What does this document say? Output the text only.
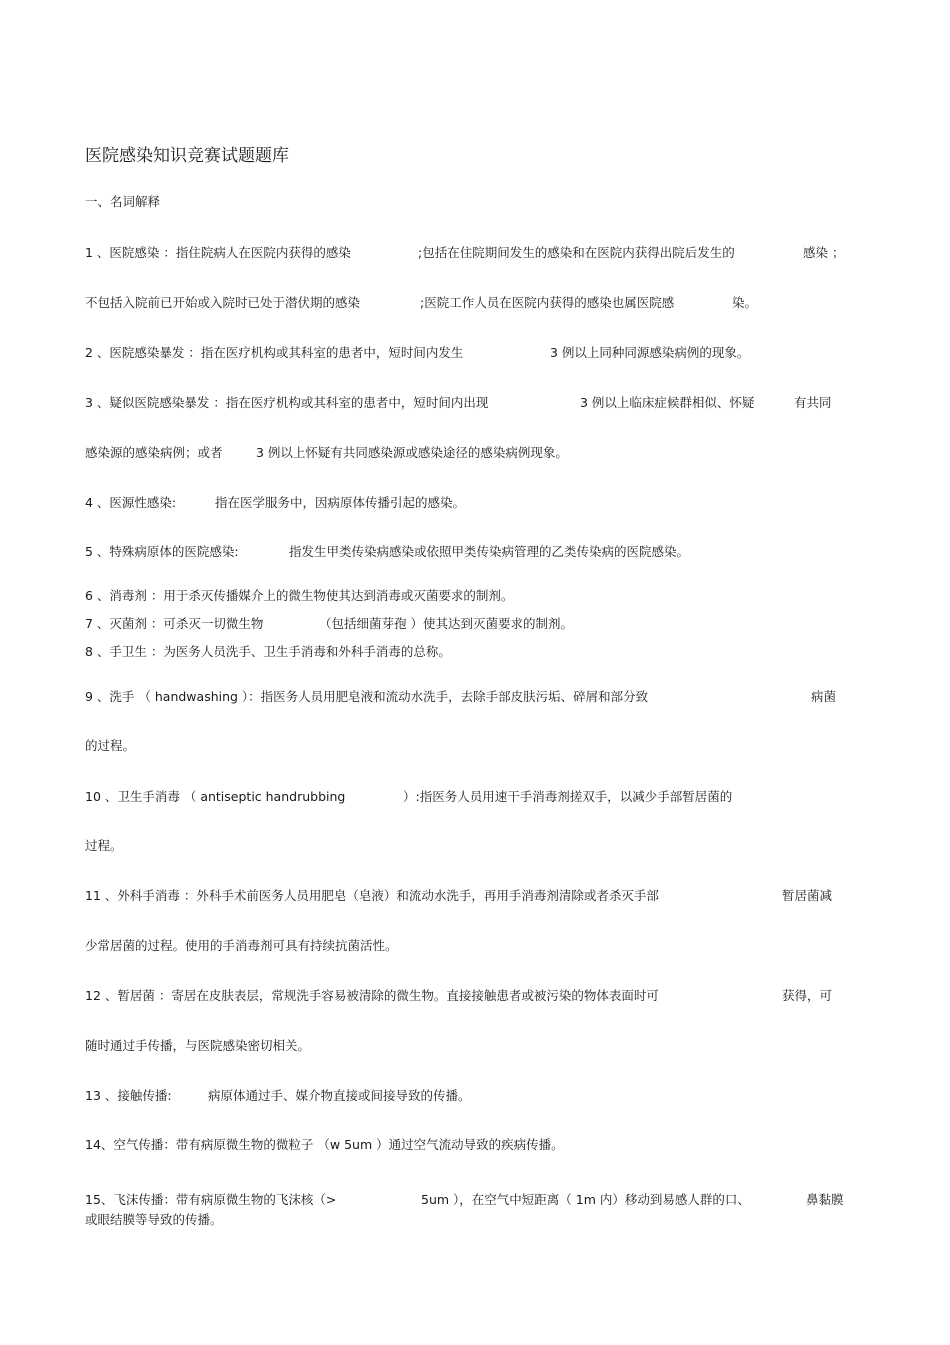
医院感染知识竞赛试题题库
一、名词解释
1 、医院感染 ：指住院病人在医院内获得的感染	;包括在住院期间发生的感染和在医院内获得出院后发生的	感染 ；
不包括入院前已开始或入院时已处于潜伏期的感染	;医院工作人员在医院内获得的感染也属医院感	染。
2 、医院感染暴发 ：指在医疗机构或其科室的患者中，短时间内发生	3 例以上同种同源感染病例的现象。
3 、疑似医院感染暴发 ：指在医疗机构或其科室的患者中，短时间内出现	3 例以上临床症候群相似、怀疑	有共同
感染源的感染病例；或者	3 例以上怀疑有共同感染源或感染途径的感染病例现象。
4 、医源性感染:	指在医学服务中，因病原体传播引起的感染。
5 、特殊病原体的医院感染:	指发生甲类传染病感染或依照甲类传染病管理的乙类传染病的医院感染。
6 、消毒剂 ：用于杀灭传播媒介上的微生物使其达到消毒或灭菌要求的制剂。
7 、灭菌剂 ：可杀灭一切微生物	（包括细菌芽孢 ）使其达到灭菌要求的制剂。
8 、手卫生 ：为医务人员洗手、卫生手消毒和外科手消毒的总称。
9 、洗手 （ handwashing ）：指医务人员用肥皂液和流动水洗手，去除手部皮肤污垢、碎屑和部分致	病菌
的过程。
10 、卫生手消毒 （ antiseptic handrubbing	）:指医务人员用速干手消毒剂搓双手，以减少手部暂居菌的
过程。
11 、外科手消毒 ：外科手术前医务人员用肥皂（皂液）和流动水洗手，再用手消毒剂清除或者杀灭手部	暂居菌减
少常居菌的过程。使用的手消毒剂可具有持续抗菌活性。
12 、暂居菌 ：寄居在皮肤表层，常规洗手容易被清除的微生物。直接接触患者或被污染的物体表面时可	获得，可
随时通过手传播，与医院感染密切相关。
13 、接触传播:	病原体通过手、媒介物直接或间接导致的传播。
14、空气传播：带有病原微生物的微粒子 （w 5um ）通过空气流动导致的疾病传播。
15、飞沫传播：带有病原微生物的飞沫核（>	5um ），在空气中短距离（ 1m 内）移动到易感人群的口、	鼻黏膜
或眼结膜等导致的传播。
